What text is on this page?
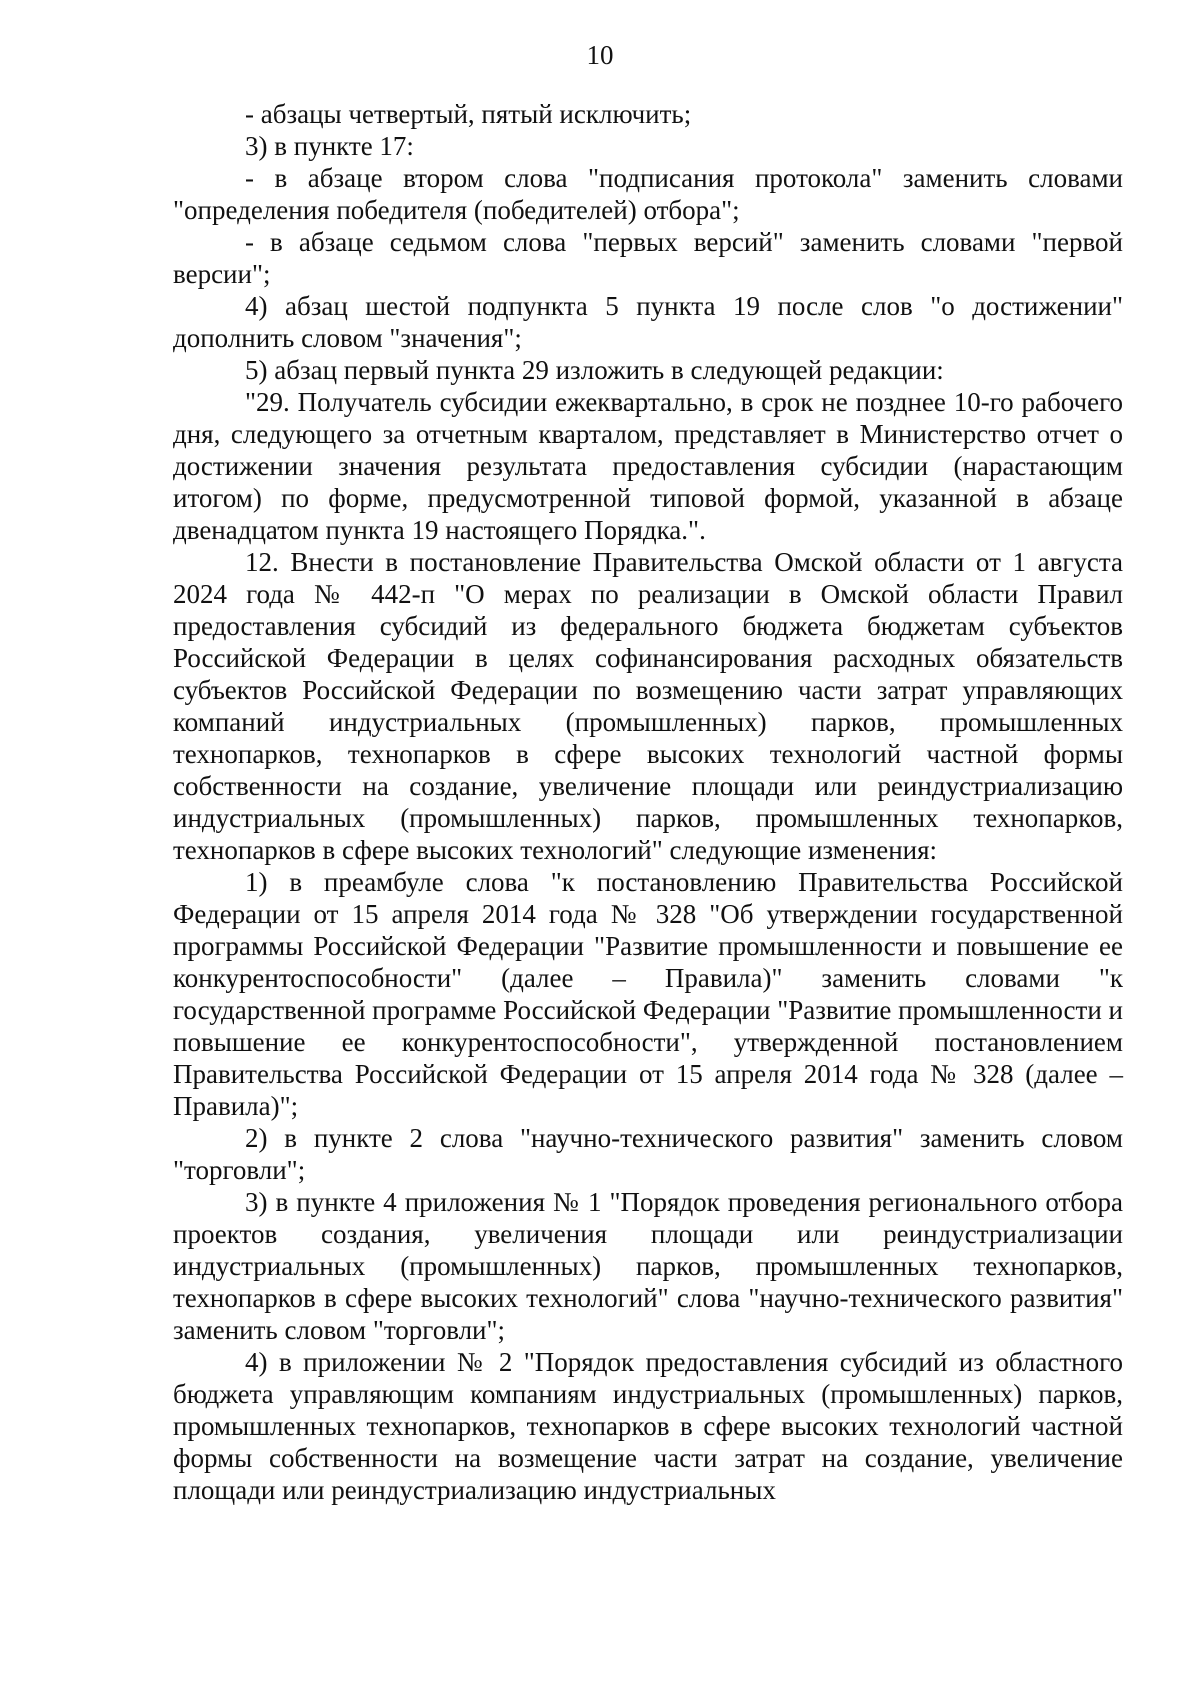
10

- абзацы четвертый, пятый исключить;

3) в пункте 17:

- в абзаце втором слова "подписания протокола" заменить словами "определения победителя (победителей) отбора";

- в абзаце седьмом слова "первых версий" заменить словами "первой версии";

4) абзац шестой подпункта 5 пункта 19 после слов "о достижении" дополнить словом "значения";

5) абзац первый пункта 29 изложить в следующей редакции:

"29. Получатель субсидии ежеквартально, в срок не позднее 10-го рабочего дня, следующего за отчетным кварталом, представляет в Министерство отчет о достижении значения результата предоставления субсидии (нарастающим итогом) по форме, предусмотренной типовой формой, указанной в абзаце двенадцатом пункта 19 настоящего Порядка.".

12. Внести в постановление Правительства Омской области от 1 августа 2024 года № 442-п "О мерах по реализации в Омской области Правил предоставления субсидий из федерального бюджета бюджетам субъектов Российской Федерации в целях софинансирования расходных обязательств субъектов Российской Федерации по возмещению части затрат управляющих компаний индустриальных (промышленных) парков, промышленных технопарков, технопарков в сфере высоких технологий частной формы собственности на создание, увеличение площади или реиндустриализацию индустриальных (промышленных) парков, промышленных технопарков, технопарков в сфере высоких технологий" следующие изменения:

1) в преамбуле слова "к постановлению Правительства Российской Федерации от 15 апреля 2014 года № 328 "Об утверждении государственной программы Российской Федерации "Развитие промышленности и повышение ее конкурентоспособности" (далее – Правила)" заменить словами "к государственной программе Российской Федерации "Развитие промышленности и повышение ее конкурентоспособности", утвержденной постановлением Правительства Российской Федерации от 15 апреля 2014 года № 328 (далее – Правила)";

2) в пункте 2 слова "научно-технического развития" заменить словом "торговли";

3) в пункте 4 приложения № 1 "Порядок проведения регионального отбора проектов создания, увеличения площади или реиндустриализации индустриальных (промышленных) парков, промышленных технопарков, технопарков в сфере высоких технологий" слова "научно-технического развития" заменить словом "торговли";

4) в приложении № 2 "Порядок предоставления субсидий из областного бюджета управляющим компаниям индустриальных (промышленных) парков, промышленных технопарков, технопарков в сфере высоких технологий частной формы собственности на возмещение части затрат на создание, увеличение площади или реиндустриализацию индустриальных
